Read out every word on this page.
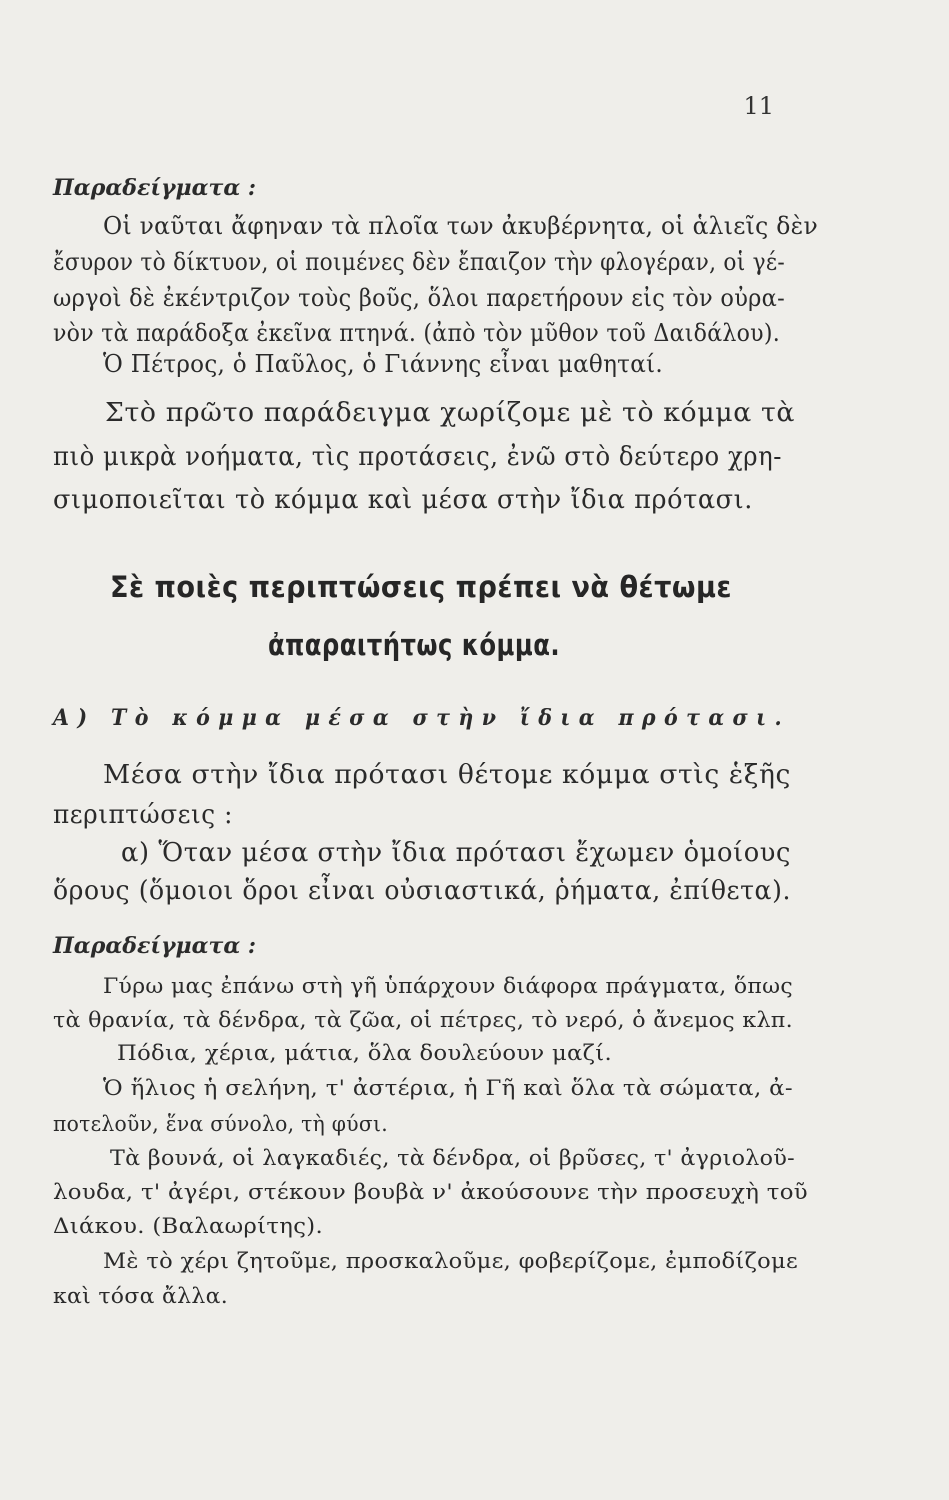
11
Παραδείγματα :
Οἱ ναῦται ἄφηναν τὰ πλοῖα των ἀκυβέρνητα, οἱ ἁλιεῖς δὲν
ἔσυρον τὸ δίκτυον, οἱ ποιμένες δὲν ἔπαιζον τὴν φλογέραν, οἱ γέ-
ωργοὶ δὲ ἐκέντριζον τοὺς βοῦς, ὅλοι παρετήρουν εἰς τὸν οὐρα-
νὸν τὰ παράδοξα ἐκεῖνα πτηνά. (ἀπὸ τὸν μῦθον τοῦ Δαιδάλου).
Ὁ Πέτρος, ὁ Παῦλος, ὁ Γιάννης εἶναι μαθηταί.
Στὸ πρῶτο παράδειγμα χωρίζομε μὲ τὸ κόμμα τὰ
πιὸ μικρὰ νοήματα, τὶς προτάσεις, ἐνῶ στὸ δεύτερο χρη-
σιμοποιεῖται τὸ κόμμα καὶ μέσα στὴν ἴδια πρότασι.
Σὲ ποιὲς περιπτώσεις πρέπει νὰ θέτωμε
ἀπαραιτήτως κόμμα.
Α) Τὸ κόμμα μέσα στὴν ἴδια πρότασι.
Μέσα στὴν ἴδια πρότασι θέτομε κόμμα στὶς ἑξῆς
περιπτώσεις :
α) Ὅταν μέσα στὴν ἴδια πρότασι ἔχωμεν ὁμοίους
ὅρους (ὅμοιοι ὅροι εἶναι οὐσιαστικά, ῥήματα, ἐπίθετα).
Παραδείγματα :
Γύρω μας ἐπάνω στὴ γῆ ὑπάρχουν διάφορα πράγματα, ὅπως
τὰ θρανία, τὰ δένδρα, τὰ ζῶα, οἱ πέτρες, τὸ νερό, ὁ ἄνεμος κλπ.
Πόδια, χέρια, μάτια, ὅλα δουλεύουν μαζί.
Ὁ ἥλιος ἡ σελήνη, τ' ἀστέρια, ἡ Γῆ καὶ ὅλα τὰ σώματα, ἀ-
ποτελοῦν, ἕνα σύνολο, τὴ φύσι.
Τὰ βουνά, οἱ λαγκαδιές, τὰ δένδρα, οἱ βρῦσες, τ' ἀγριολοῦ-
λουδα, τ' ἀγέρι, στέκουν βουβὰ ν' ἀκούσουνε τὴν προσευχὴ τοῦ
Διάκου. (Βαλαωρίτης).
Μὲ τὸ χέρι ζητοῦμε, προσκαλοῦμε, φοβερίζομε, ἐμποδίζομε
καὶ τόσα ἄλλα.
